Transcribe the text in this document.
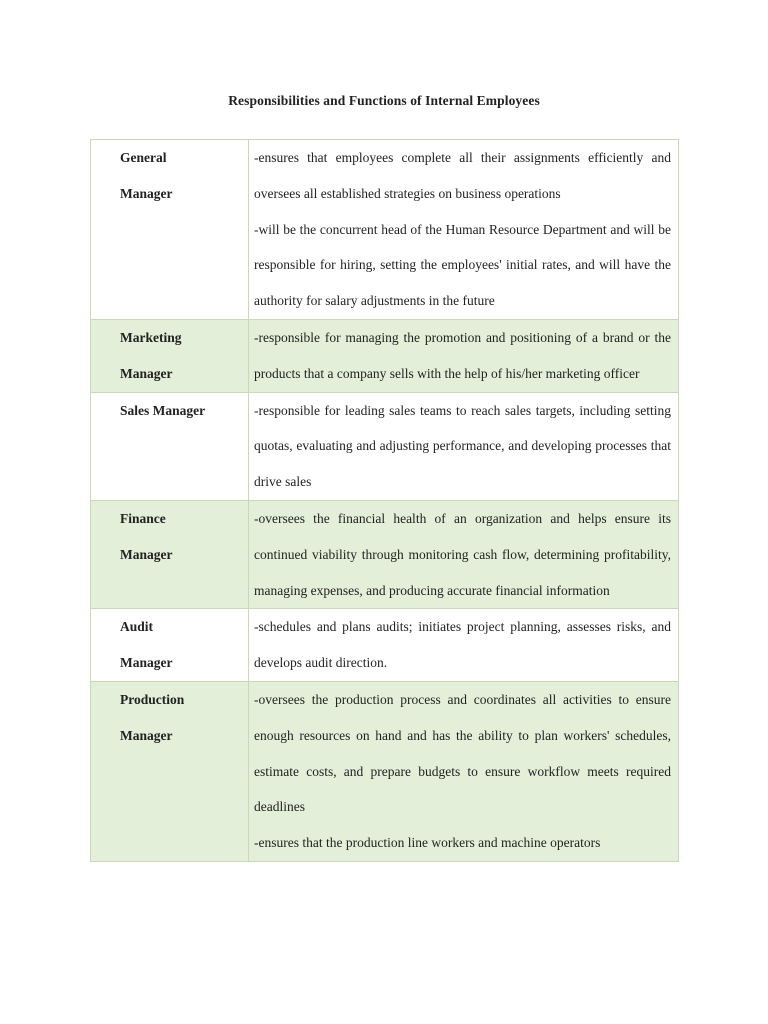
Responsibilities and Functions of Internal Employees
General
Manager	-ensures that employees complete all their assignments efficiently and oversees all established strategies on business operations
-will be the concurrent head of the Human Resource Department and will be responsible for hiring, setting the employees' initial rates, and will have the authority for salary adjustments in the future

Marketing
Manager	-responsible for managing the promotion and positioning of a brand or the products that a company sells with the help of his/her marketing officer

Sales Manager	-responsible for leading sales teams to reach sales targets, including setting quotas, evaluating and adjusting performance, and developing processes that drive sales

Finance
Manager	-oversees the financial health of an organization and helps ensure its continued viability through monitoring cash flow, determining profitability, managing expenses, and producing accurate financial information

Audit
Manager	-schedules and plans audits; initiates project planning, assesses risks, and develops audit direction.

Production
Manager	-oversees the production process and coordinates all activities to ensure enough resources on hand and has the ability to plan workers' schedules, estimate costs, and prepare budgets to ensure workflow meets required deadlines
-ensures that the production line workers and machine operators
